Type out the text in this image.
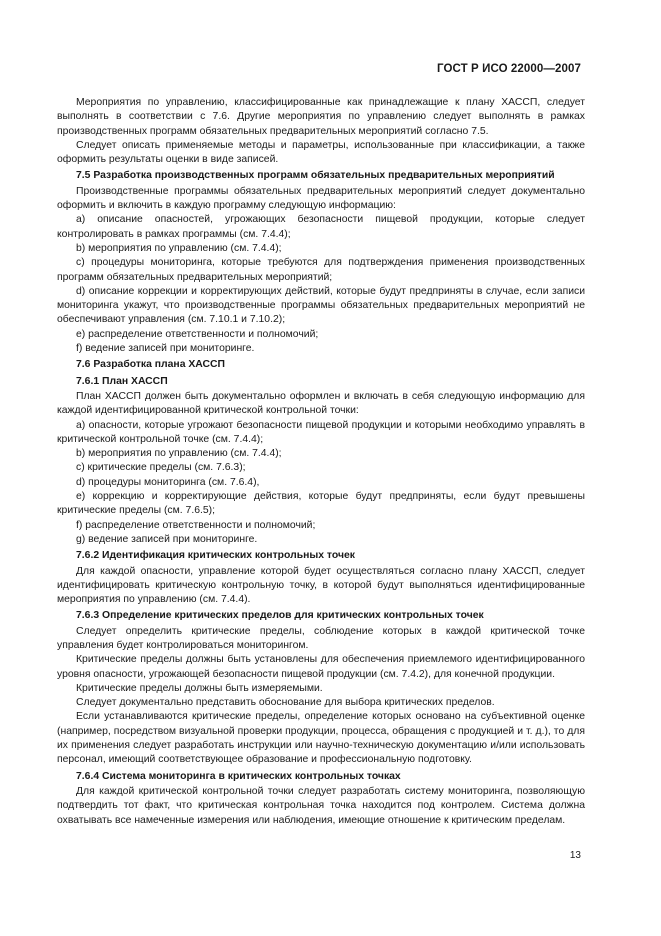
ГОСТ Р ИСО 22000—2007

Мероприятия по управлению, классифицированные как принадлежащие к плану ХАССП, следует выполнять в соответствии с 7.6. Другие мероприятия по управлению следует выполнять в рамках производственных программ обязательных предварительных мероприятий согласно 7.5.

Следует описать применяемые методы и параметры, использованные при классификации, а также оформить результаты оценки в виде записей.

7.5 Разработка производственных программ обязательных предварительных мероприятий

Производственные программы обязательных предварительных мероприятий следует документально оформить и включить в каждую программу следующую информацию:

a) описание опасностей, угрожающих безопасности пищевой продукции, которые следует контролировать в рамках программы (см. 7.4.4);

b) мероприятия по управлению (см. 7.4.4);

c) процедуры мониторинга, которые требуются для подтверждения применения производственных программ обязательных предварительных мероприятий;

d) описание коррекции и корректирующих действий, которые будут предприняты в случае, если записи мониторинга укажут, что производственные программы обязательных предварительных мероприятий не обеспечивают управления (см. 7.10.1 и 7.10.2);

e) распределение ответственности и полномочий;

f) ведение записей при мониторинге.

7.6 Разработка плана ХАССП

7.6.1 План ХАССП

План ХАССП должен быть документально оформлен и включать в себя следующую информацию для каждой идентифицированной критической контрольной точки:

a) опасности, которые угрожают безопасности пищевой продукции и которыми необходимо управлять в критической контрольной точке (см. 7.4.4);

b) мероприятия по управлению (см. 7.4.4);

c) критические пределы (см. 7.6.3);

d) процедуры мониторинга (см. 7.6.4),

e) коррекцию и корректирующие действия, которые будут предприняты, если будут превышены критические пределы (см. 7.6.5);

f) распределение ответственности и полномочий;

g) ведение записей при мониторинге.

7.6.2 Идентификация критических контрольных точек

Для каждой опасности, управление которой будет осуществляться согласно плану ХАССП, следует идентифицировать критическую контрольную точку, в которой будут выполняться идентифицированные мероприятия по управлению (см. 7.4.4).

7.6.3 Определение критических пределов для критических контрольных точек

Следует определить критические пределы, соблюдение которых в каждой критической точке управления будет контролироваться мониторингом.

Критические пределы должны быть установлены для обеспечения приемлемого идентифицированного уровня опасности, угрожающей безопасности пищевой продукции (см. 7.4.2), для конечной продукции.

Критические пределы должны быть измеряемыми.

Следует документально представить обоснование для выбора критических пределов.

Если устанавливаются критические пределы, определение которых основано на субъективной оценке (например, посредством визуальной проверки продукции, процесса, обращения с продукцией и т. д.), то для их применения следует разработать инструкции или научно-техническую документацию и/или использовать персонал, имеющий соответствующее образование и профессиональную подготовку.

7.6.4 Система мониторинга в критических контрольных точках

Для каждой критической контрольной точки следует разработать систему мониторинга, позволяющую подтвердить тот факт, что критическая контрольная точка находится под контролем. Система должна охватывать все намеченные измерения или наблюдения, имеющие отношение к критическим пределам.

13
